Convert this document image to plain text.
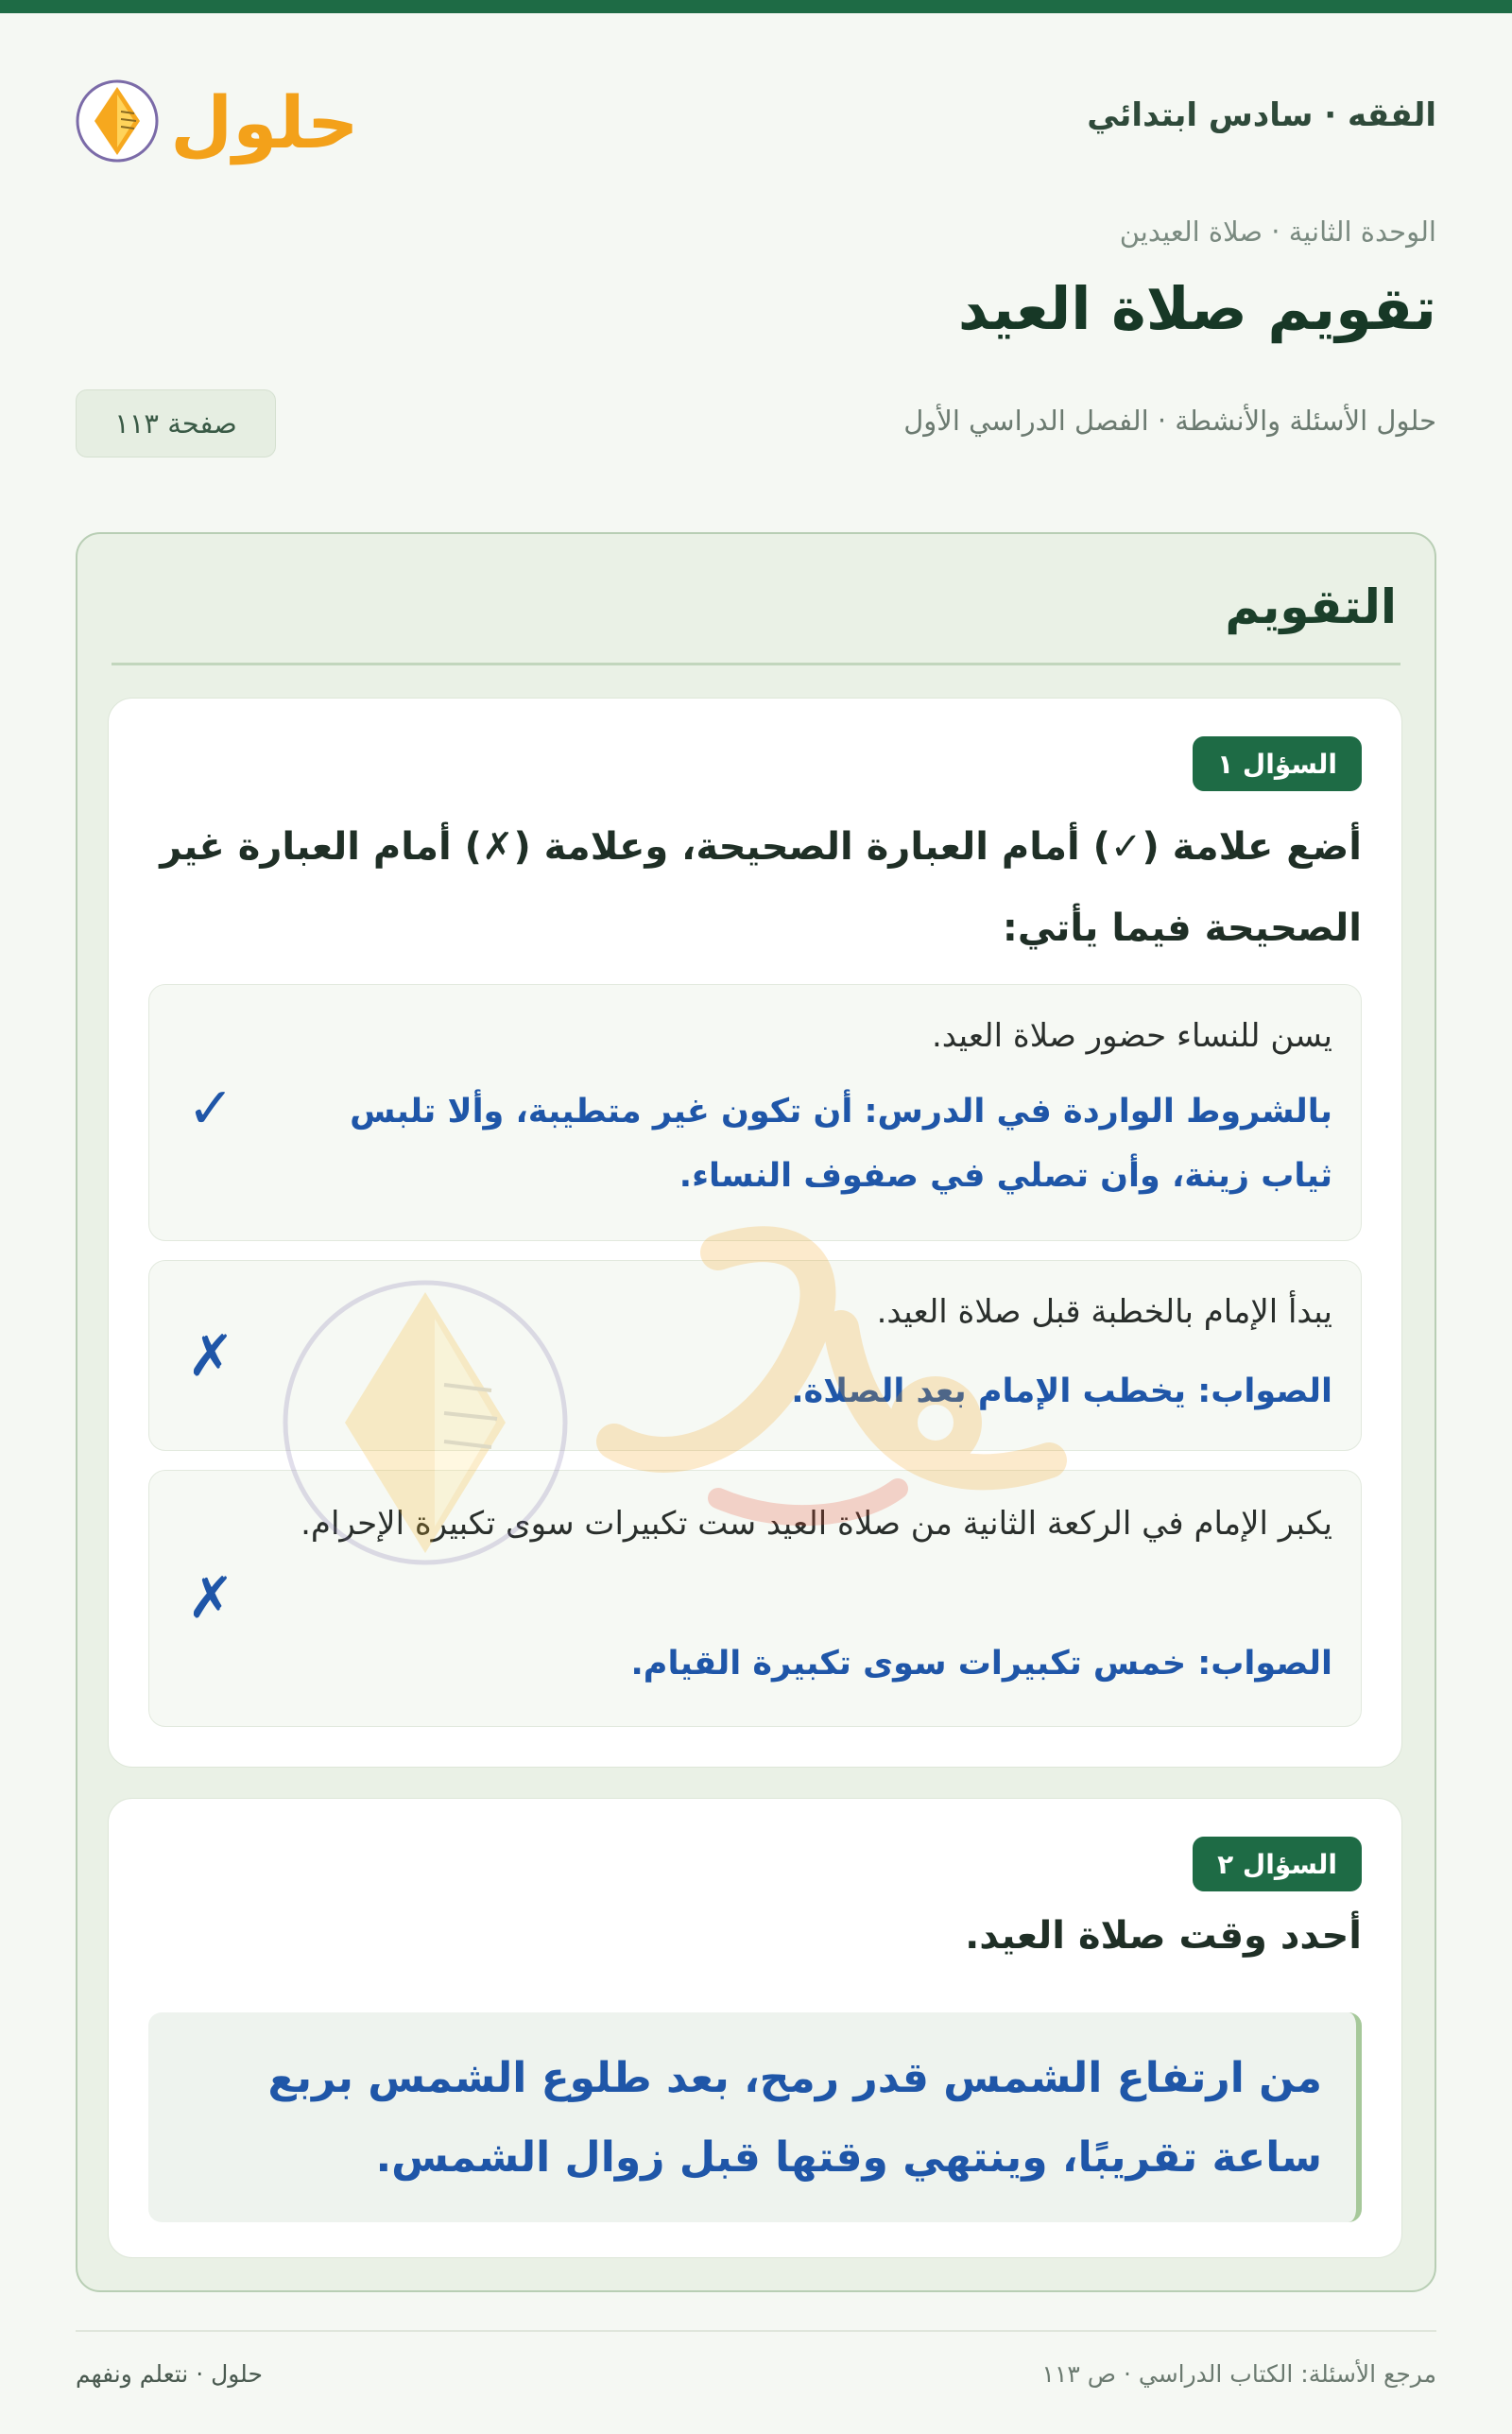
الفقه · سادس ابتدائي
حلول
الوحدة الثانية · صلاة العيدين
تقويم صلاة العيد
حلول الأسئلة والأنشطة · الفصل الدراسي الأول
صفحة ١١٣
التقويم
السؤال ١
أضع علامة (✓) أمام العبارة الصحيحة، وعلامة (✗) أمام العبارة غير الصحيحة فيما يأتي:
يسن للنساء حضور صلاة العيد.
بالشروط الواردة في الدرس: أن تكون غير متطيبة، وألا تلبس ثياب زينة، وأن تصلي في صفوف النساء.
✓
يبدأ الإمام بالخطبة قبل صلاة العيد.
الصواب: يخطب الإمام بعد الصلاة.
✗
يكبر الإمام في الركعة الثانية من صلاة العيد ست تكبيرات سوى تكبيرة الإحرام.
الصواب: خمس تكبيرات سوى تكبيرة القيام.
✗
السؤال ٢
أحدد وقت صلاة العيد.
من ارتفاع الشمس قدر رمح، بعد طلوع الشمس بربع ساعة تقريبًا، وينتهي وقتها قبل زوال الشمس.
مرجع الأسئلة: الكتاب الدراسي · ص ١١٣
حلول · نتعلم ونفهم
